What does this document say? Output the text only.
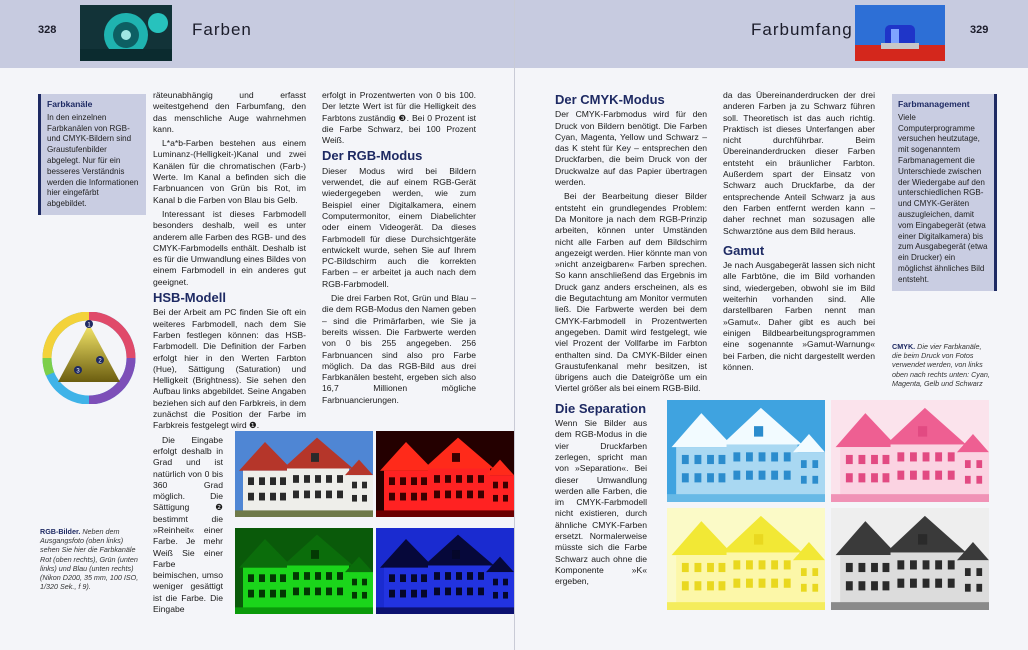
328	Farben
Farbkanäle
In den einzelnen Farbkanälen von RGB- und CMYK-Bildern sind Graustufenbilder abgelegt. Nur für ein besseres Verständnis werden die Informationen hier eingefärbt abgebildet.
1
2
3
RGB-Bilder. Neben dem Ausgangsfoto (oben links) sehen Sie hier die Farbkanäle Rot (oben rechts), Grün (unten links) und Blau (unten rechts) (Nikon D200, 35 mm, 100 ISO, 1/320 Sek., f 9).

räteunabhängig und erfasst weitestgehend den Farbumfang, den das menschliche Auge wahrnehmen kann.

L*a*b-Farben bestehen aus einem Luminanz-(Helligkeit-)Kanal und zwei Kanälen für die chromatischen (Farb-) Werte. Im Kanal a befinden sich die Farbnuancen von Grün bis Rot, im Kanal b die Farben von Blau bis Gelb.

Interessant ist dieses Farbmodell besonders deshalb, weil es unter anderem alle Farben des RGB- und des CMYK-Farbmodells enthält. Deshalb ist es für die Umwandlung eines Bildes von einem Farbmodell in ein anderes gut geeignet.

HSB-Modell

Bei der Arbeit am PC finden Sie oft ein weiteres Farbmodell, nach dem Sie Farben festlegen können: das HSB-Farbmodell. Die Definition der Farben erfolgt hier in den Werten Farbton (Hue), Sättigung (Saturation) und Helligkeit (Brightness). Sie sehen den Aufbau links abgebildet. Seine Angaben beziehen sich auf den Farbkreis, in dem zunächst die Position der Farbe im Farbkreis festgelegt wird ❶.

Die Eingabe erfolgt deshalb in Grad und ist natürlich von 0 bis 360 Grad möglich. Die Sättigung ❷ bestimmt die »Reinheit« einer Farbe. Je mehr Weiß Sie einer Farbe beimischen, umso weniger gesättigt ist die Farbe. Die Eingabe

erfolgt in Prozentwerten von 0 bis 100. Der letzte Wert ist für die Helligkeit des Farbtons zuständig ❸. Bei 0 Prozent ist die Farbe Schwarz, bei 100 Prozent Weiß.

Der RGB-Modus

Dieser Modus wird bei Bildern verwendet, die auf einem RGB-Gerät wiedergegeben werden, wie zum Beispiel einer Digitalkamera, einem Computermonitor, einem Diabelichter oder einem Videogerät. Da dieses Farbmodell für diese Durchsichtgeräte entwickelt wurde, sehen Sie auf Ihrem PC-Bildschirm auch die korrekten Farben – er arbeitet ja auch nach dem RGB-Farbmodell.

Die drei Farben Rot, Grün und Blau – die dem RGB-Modus den Namen geben – sind die Primärfarben, wie Sie ja bereits wissen. Die Farbwerte werden von 0 bis 255 angegeben. 256 Farbnuancen sind also pro Farbe möglich. Da das RGB-Bild aus drei Farbkanälen besteht, ergeben sich also 16,7 Millionen mögliche Farbnuancierungen.

Farbumfang	329
Der CMYK-Modus

Der CMYK-Farbmodus wird für den Druck von Bildern benötigt. Die Farben Cyan, Magenta, Yellow und Schwarz – das K steht für Key – entsprechen den Druckfarben, die beim Druck von der Druckwalze auf das Papier übertragen werden.

Bei der Bearbeitung dieser Bilder entsteht ein grundlegendes Problem: Da Monitore ja nach dem RGB-Prinzip arbeiten, können unter Umständen nicht alle Farben auf dem Bildschirm angezeigt werden. Hier könnte man von »nicht anzeigbaren« Farben sprechen. So kann anschließend das Ergebnis im Druck ganz anders erscheinen, als es die Begutachtung am Monitor vermuten ließ. Die Farbwerte werden bei dem CMYK-Farbmodell in Prozentwerten angegeben. Damit wird festgelegt, wie viel Prozent der Vollfarbe im Farbton enthalten sind. Da CMYK-Bilder einen Graustufenkanal mehr besitzen, ist übrigens auch die Dateigröße um ein Viertel größer als bei einem RGB-Bild.

Die Separation

Wenn Sie Bilder aus dem RGB-Modus in die vier Druckfarben zerlegen, spricht man von »Separation«. Bei dieser Umwandlung werden alle Farben, die im CMYK-Farbmodell nicht existieren, durch ähnliche CMYK-Farben ersetzt. Normalerweise müsste sich die Farbe Schwarz auch ohne die Komponente »K« ergeben,

da das Übereinanderdrucken der drei anderen Farben ja zu Schwarz führen soll. Theoretisch ist das auch richtig. Praktisch ist dieses Unterfangen aber nicht durchführbar. Beim Übereinanderdrucken dieser Farben entsteht ein bräunlicher Farbton. Außerdem spart der Einsatz von Schwarz auch Druckfarbe, da der entsprechende Anteil Schwarz ja aus den Farben entfernt werden kann – daher rechnet man sozusagen alle Schwarztöne aus dem Bild heraus.

Gamut

Je nach Ausgabegerät lassen sich nicht alle Farbtöne, die im Bild vorhanden sind, wiedergeben, obwohl sie im Bild weiterhin vorhanden sind. Alle darstellbaren Farben nennt man »Gamut«. Daher gibt es auch bei einigen Bildbearbeitungsprogrammen eine sogenannte »Gamut-Warnung« bei Farben, die nicht dargestellt werden können.

Farbmanagement
Viele Computerprogramme versuchen heutzutage, mit sogenanntem Farbmanagement die Unterschiede zwischen der Wiedergabe auf den unterschiedlichen RGB- und CMYK-Geräten auszugleichen, damit vom Eingabegerät (etwa einer Digitalkamera) bis zum Ausgabegerät (etwa ein Drucker) ein möglichst ähnliches Bild entsteht.
CMYK. Die vier Farbkanäle, die beim Druck von Fotos verwendet werden, von links oben nach rechts unten: Cyan, Magenta, Gelb und Schwarz
